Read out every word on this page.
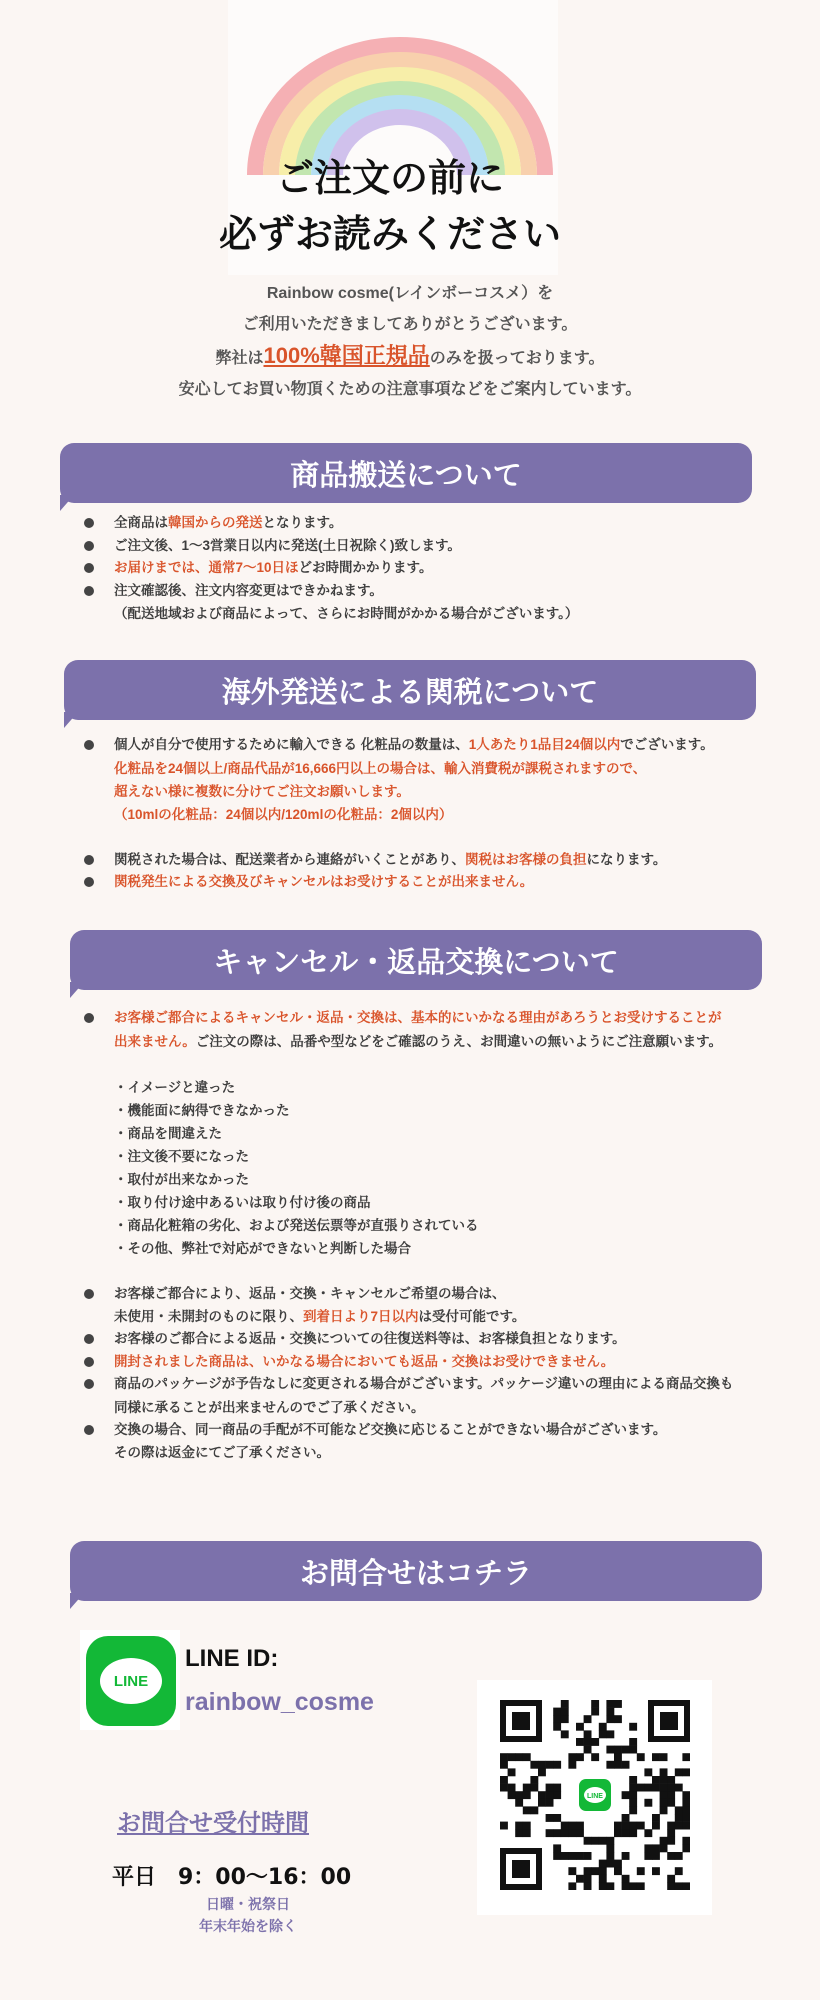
ご注文の前に
必ずお読みください

Rainbow cosme(レインボーコスメ）を

ご利用いただきましてありがとうございます。

弊社は100%韓国正規品のみを扱っております。

安心してお買い物頂くための注意事項などをご案内しています。

商品搬送について
全商品は韓国からの発送となります。
ご注文後、1〜3営業日以内に発送(土日祝除く)致します。
お届けまでは、通常7〜10日ほどお時間かかります。
注文確認後、注文内容変更はできかねます。
（配送地域および商品によって、さらにお時間がかかる場合がございます。）
海外発送による関税について
個人が自分で使用するために輸入できる 化粧品の数量は、1人あたり1品目24個以内でございます。
化粧品を24個以上/商品代品が16,666円以上の場合は、輸入消費税が課税されますので、
超えない様に複数に分けてご注文お願いします。
（10mlの化粧品：24個以内/120mlの化粧品：2個以内）
関税された場合は、配送業者から連絡がいくことがあり、関税はお客様の負担になります。
関税発生による交換及びキャンセルはお受けすることが出来ません。
キャンセル・返品交換について
お客様ご都合によるキャンセル・返品・交換は、基本的にいかなる理由があろうとお受けすることが
出来ません。ご注文の際は、品番や型などをご確認のうえ、お間違いの無いようにご注意願います。
・イメージと違った
・機能面に納得できなかった
・商品を間違えた
・注文後不要になった
・取付が出来なかった
・取り付け途中あるいは取り付け後の商品
・商品化粧箱の劣化、および発送伝票等が直張りされている
・その他、弊社で対応ができないと判断した場合
お客様ご都合により、返品・交換・キャンセルご希望の場合は、
未使用・未開封のものに限り、到着日より7日以内は受付可能です。
お客様のご都合による返品・交換についての往復送料等は、お客様負担となります。
開封されました商品は、いかなる場合においても返品・交換はお受けできません。
商品のパッケージが予告なしに変更される場合がございます。パッケージ違いの理由による商品交換も
同様に承ることが出来ませんのでご了承ください。
交換の場合、同一商品の手配が不可能など交換に応じることができない場合がございます。
その際は返金にてご了承ください。
お問合せはコチラ
LINE
LINE ID:
rainbow_cosme
お問合せ受付時間
平日　9：00〜16：00
日曜・祝祭日
年末年始を除く
LINE
